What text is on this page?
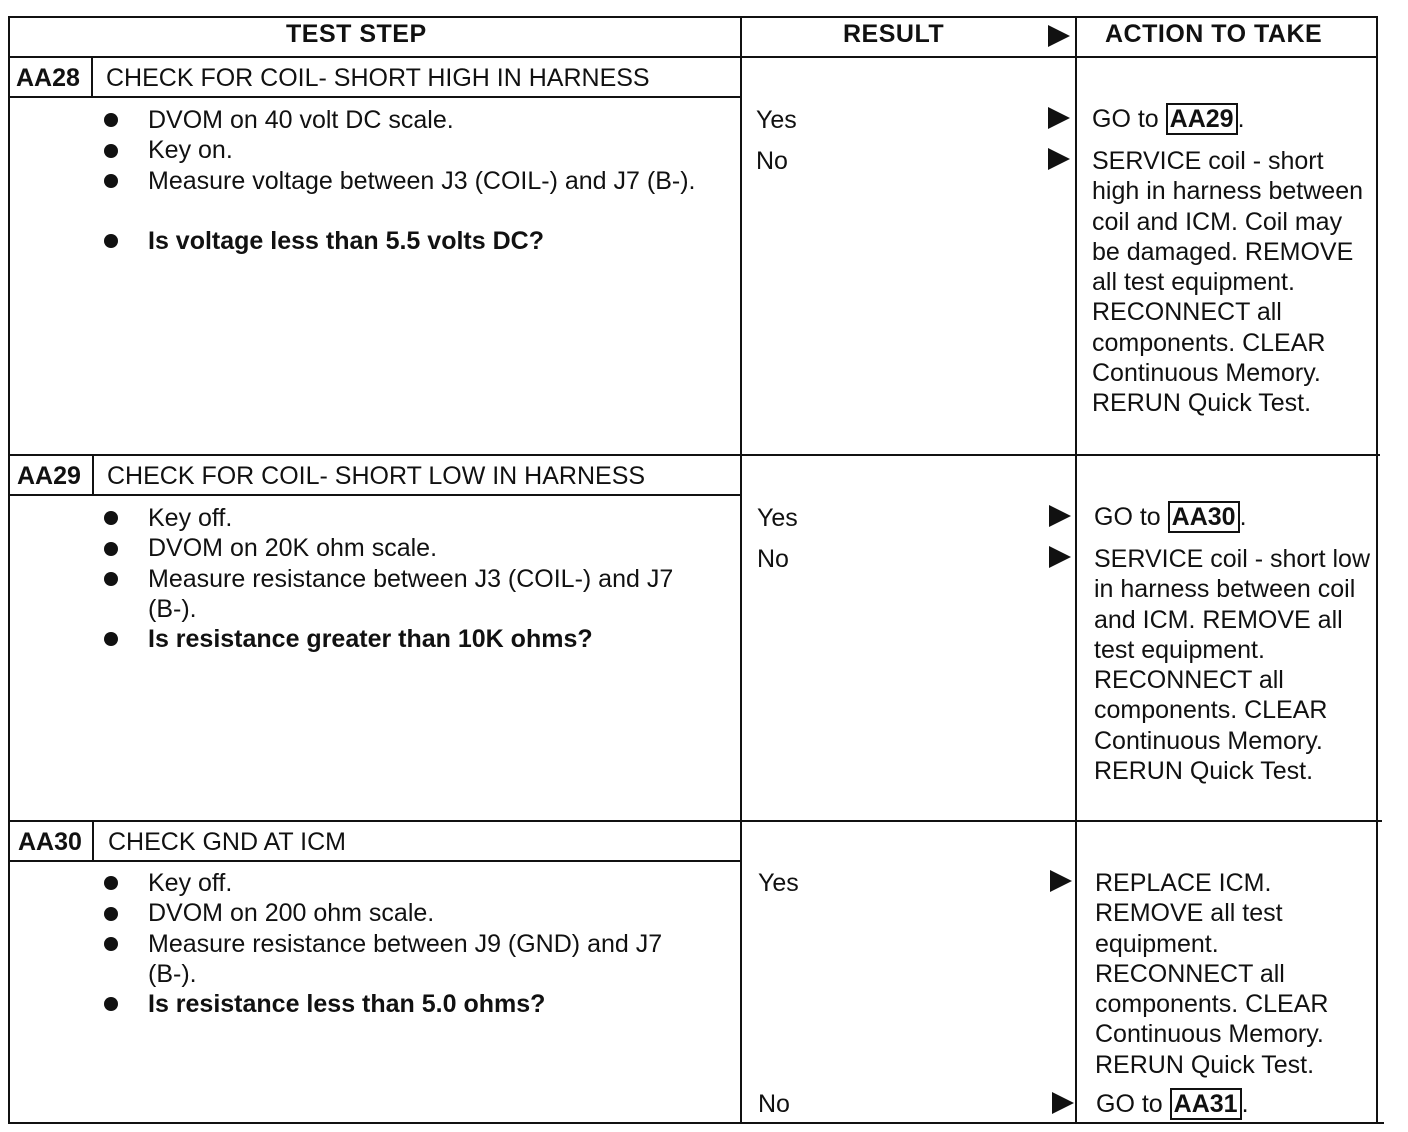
TEST STEP	RESULT	ACTION TO TAKE
AA28 CHECK FOR COIL- SHORT HIGH IN HARNESS
DVOM on 40 volt DC scale.
Key on.
Measure voltage between J3 (COIL-) and J7 (B-).
Is voltage less than 5.5 volts DC?
Yes	GO to AA29 .
No	SERVICE coil - short high in harness between coil and ICM. Coil may be damaged. REMOVE all test equipment. RECONNECT all components. CLEAR Continuous Memory. RERUN Quick Test.
AA29 CHECK FOR COIL- SHORT LOW IN HARNESS
Key off.
DVOM on 20K ohm scale.
Measure resistance between J3 (COIL-) and J7 (B-).
Is resistance greater than 10K ohms?
Yes	GO to AA30 .
No	SERVICE coil - short low in harness between coil and ICM. REMOVE all test equipment. RECONNECT all components. CLEAR Continuous Memory. RERUN Quick Test.
AA30 CHECK GND AT ICM
Key off.
DVOM on 200 ohm scale.
Measure resistance between J9 (GND) and J7 (B-).
Is resistance less than 5.0 ohms?
Yes	REPLACE ICM. REMOVE all test equipment. RECONNECT all components. CLEAR Continuous Memory. RERUN Quick Test.
No	GO to AA31 .
